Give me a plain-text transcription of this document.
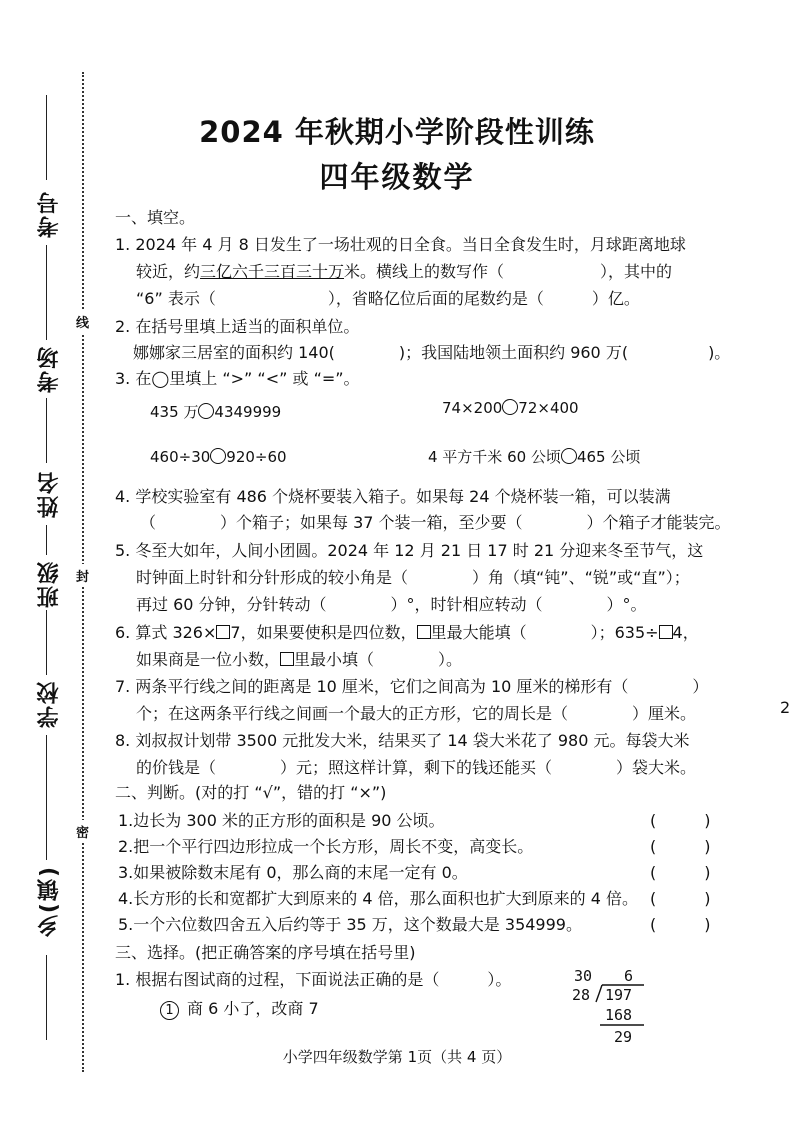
考号
考场
姓名
班级
学校
乡(镇)
线
封
密
2024 年秋期小学阶段性训练
四年级数学
一、填空。
1. 2024 年 4 月 8 日发生了一场壮观的日全食。当日全食发生时，月球距离地球
较近，约三亿六千三百三十万米。横线上的数写作（　　　　　　），其中的
“6” 表示（　　　　　　　），省略亿位后面的尾数约是（　　　）亿。
2. 在括号里填上适当的面积单位。
娜娜家三居室的面积约 140(　　　　)；我国陆地领土面积约 960 万(　　　　　)。
3. 在◯里填上 “>” “<” 或 “=”。
435 万 4349999	74×200 72×400
460÷30 920÷60	4 平方千米 60 公顷 465 公顷
4. 学校实验室有 486 个烧杯要装入箱子。如果每 24 个烧杯装一箱，可以装满
（　　　　）个箱子；如果每 37 个装一箱，至少要（　　　　）个箱子才能装完。
5. 冬至大如年，人间小团圆。2024 年 12 月 21 日 17 时 21 分迎来冬至节气，这
时钟面上时针和分针形成的较小角是（　　　　）角（填“钝”、“锐”或“直”）；
再过 60 分钟，分针转动（　　　　）°，时针相应转动（　　　　）°。
6. 算式 326× 7，如果要使积是四位数， 里最大能填（　　　　）；635÷ 4，
如果商是一位小数， 里最小填（　　　　）。
7. 两条平行线之间的距离是 10 厘米，它们之间高为 10 厘米的梯形有（　　　　）
个；在这两条平行线之间画一个最大的正方形，它的周长是（　　　　）厘米。
8. 刘叔叔计划带 3500 元批发大米，结果买了 14 袋大米花了 980 元。每袋大米
的价钱是（　　　　）元；照这样计算，剩下的钱还能买（　　　　）袋大米。
二、判断。(对的打 “√”，错的打 “×”)
1.边长为 300 米的正方形的面积是 90 公顷。	(　　　)
2.把一个平行四边形拉成一个长方形，周长不变，高变长。	(　　　)
3.如果被除数末尾有 0，那么商的末尾一定有 0。	(　　　)
4.长方形的长和宽都扩大到原来的 4 倍，那么面积也扩大到原来的 4 倍。 (　　　)
5.一个六位数四舍五入后约等于 35 万，这个数最大是 354999。	(　　　)
三、选择。(把正确答案的序号填在括号里)
1. 根据右图试商的过程，下面说法正确的是（　　　）。
1 商 6 小了，改商 7
30 6
28 197
168
29
小学四年级数学第 1页（共 4 页）
2
